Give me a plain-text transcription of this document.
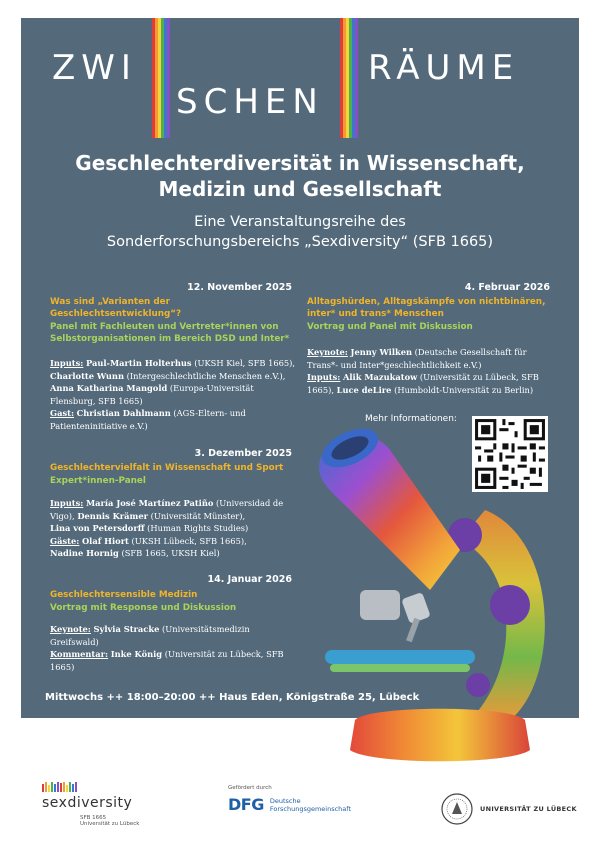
ZWI
SCHEN
RÄUME
Geschlechterdiversität in Wissenschaft,
Medizin und Gesellschaft
Eine Veranstaltungsreihe des
Sonderforschungsbereichs „Sexdiversity“ (SFB 1665)
12. November 2025
Was sind „Varianten der Geschlechtsentwicklung“?
Panel mit Fachleuten und Vertreter*innen von Selbstorganisationen im Bereich DSD und Inter*
Inputs: Paul-Martin Holterhus (UKSH Kiel, SFB 1665),
Charlotte Wunn (Intergeschlechtliche Menschen e.V.),
Anna Katharina Mangold (Europa-Universität
Flensburg, SFB 1665)
Gast: Christian Dahlmann (AGS-Eltern- und
Patienteninitiative e.V.)
3. Dezember 2025
Geschlechtervielfalt in Wissenschaft und Sport
Expert*innen-Panel
Inputs: María José Martínez Patiño (Universidad de
Vigo), Dennis Krämer (Universität Münster),
Lina von Petersdorff (Human Rights Studies)
Gäste: Olaf Hiort (UKSH Lübeck, SFB 1665),
Nadine Hornig (SFB 1665, UKSH Kiel)
14. Januar 2026
Geschlechtersensible Medizin
Vortrag mit Response und Diskussion
Keynote: Sylvia Stracke (Universitätsmedizin
Greifswald)
Kommentar: Inke König (Universität zu Lübeck, SFB
1665)
4. Februar 2026
Alltagshürden, Alltagskämpfe von nichtbinären, inter* und trans* Menschen
Vortrag und Panel mit Diskussion
Keynote: Jenny Wilken (Deutsche Gesellschaft für
Trans*- und Inter*geschlechtlichkeit e.V.)
Inputs: Alik Mazukatow (Universität zu Lübeck, SFB
1665), Luce deLire (Humboldt-Universität zu Berlin)
Mehr Informationen:
Mittwochs ++ 18:00–20:00 ++ Haus Eden, Königstraße 25, Lübeck
sexdiversity
SFB 1665
Universität zu Lübeck
Gefördert durch
DFG Deutsche
Forschungsgemeinschaft	UNIVERSITÄT ZU LÜBECK
